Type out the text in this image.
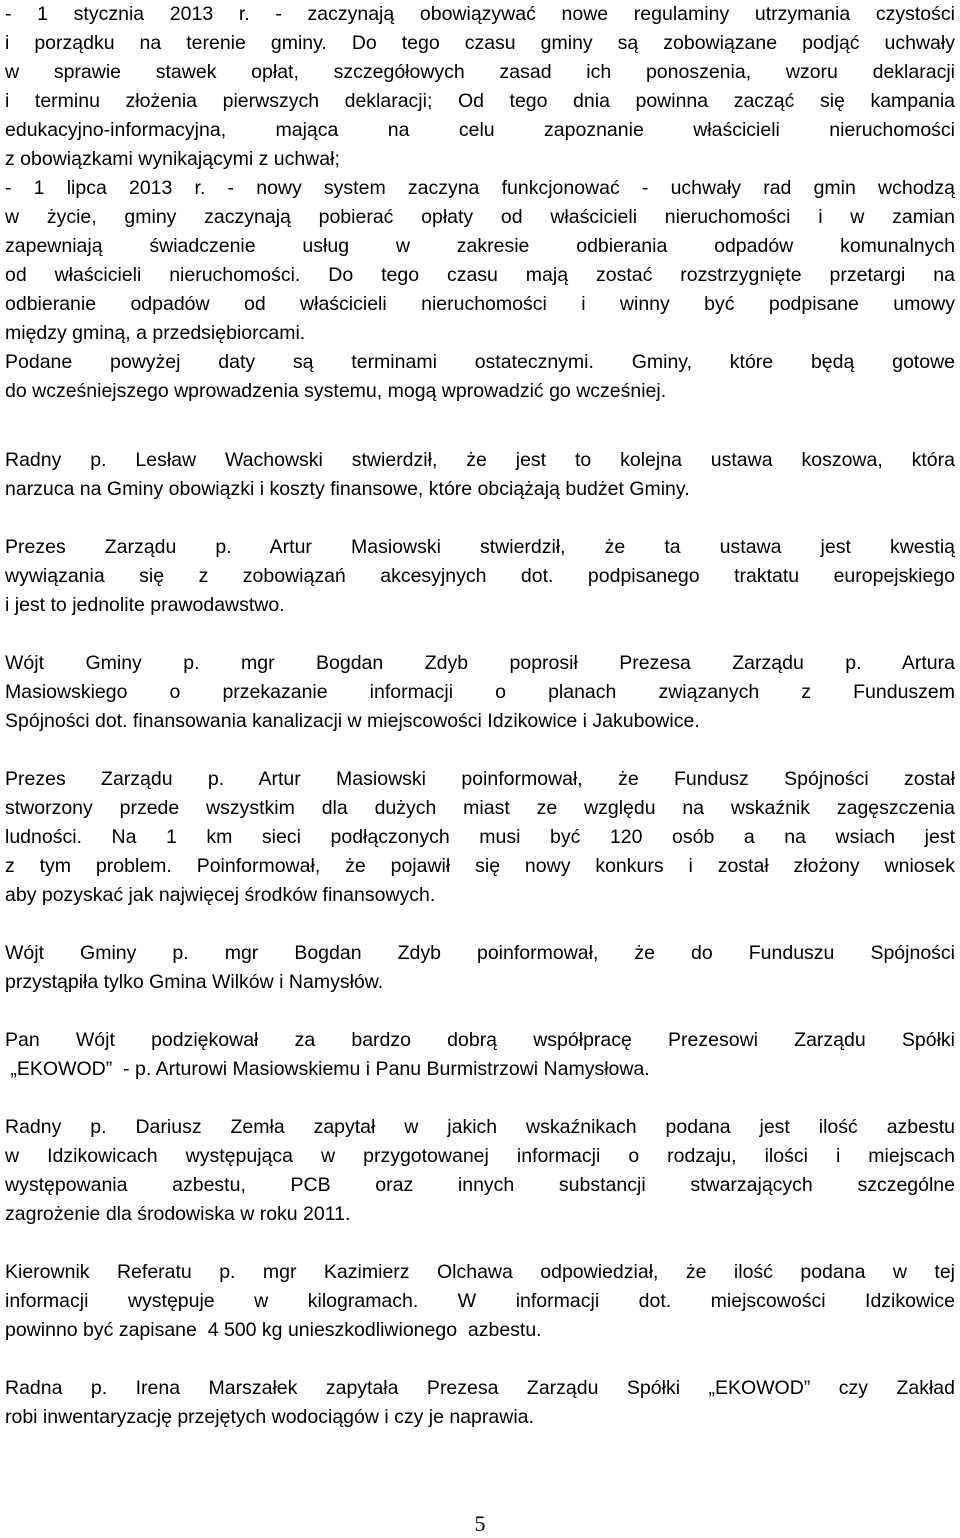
- 1 stycznia 2013 r. - zaczynają obowiązywać nowe regulaminy utrzymania czystości
i porządku na terenie gminy. Do tego czasu gminy są zobowiązane podjąć uchwały
w sprawie stawek opłat, szczegółowych zasad ich ponoszenia, wzoru deklaracji
i terminu złożenia pierwszych deklaracji; Od tego dnia powinna zacząć się kampania
edukacyjno-informacyjna, mająca na celu zapoznanie właścicieli nieruchomości
z obowiązkami wynikającymi z uchwał;
- 1 lipca 2013 r. - nowy system zaczyna funkcjonować - uchwały rad gmin wchodzą
w życie, gminy zaczynają pobierać opłaty od właścicieli nieruchomości i w zamian
zapewniają świadczenie usług w zakresie odbierania odpadów komunalnych
od właścicieli nieruchomości. Do tego czasu mają zostać rozstrzygnięte przetargi na
odbieranie odpadów od właścicieli nieruchomości i winny być podpisane umowy
między gminą, a przedsiębiorcami.
Podane powyżej daty są terminami ostatecznymi. Gminy, które będą gotowe
do wcześniejszego wprowadzenia systemu, mogą wprowadzić go wcześniej.
Radny p. Lesław Wachowski stwierdził, że jest to kolejna ustawa koszowa, która
narzuca na Gminy obowiązki i koszty finansowe, które obciążają budżet Gminy.
Prezes Zarządu p. Artur Masiowski stwierdził, że ta ustawa jest kwestią
wywiązania się z zobowiązań akcesyjnych dot. podpisanego traktatu europejskiego
i jest to jednolite prawodawstwo.
Wójt Gminy p. mgr Bogdan Zdyb poprosił Prezesa Zarządu p. Artura
Masiowskiego o przekazanie informacji o planach związanych z Funduszem
Spójności dot. finansowania kanalizacji w miejscowości Idzikowice i Jakubowice.
Prezes Zarządu p. Artur Masiowski poinformował, że Fundusz Spójności został
stworzony przede wszystkim dla dużych miast ze względu na wskaźnik zagęszczenia
ludności. Na 1 km sieci podłączonych musi być 120 osób a na wsiach jest
z tym problem. Poinformował, że pojawił się nowy konkurs i został złożony wniosek
aby pozyskać jak najwięcej środków finansowych.
Wójt Gminy p. mgr Bogdan Zdyb poinformował, że do Funduszu Spójności
przystąpiła tylko Gmina Wilków i Namysłów.
Pan Wójt podziękował za bardzo dobrą współpracę Prezesowi Zarządu Spółki
„EKOWOD”  - p. Arturowi Masiowskiemu i Panu Burmistrzowi Namysłowa.
Radny p. Dariusz Zemła zapytał w jakich wskaźnikach podana jest ilość azbestu
w Idzikowicach występująca w przygotowanej informacji o rodzaju, ilości i miejscach
występowania azbestu, PCB oraz innych substancji stwarzających szczególne
zagrożenie dla środowiska w roku 2011.
Kierownik Referatu p. mgr Kazimierz Olchawa odpowiedział, że ilość podana w tej
informacji występuje w kilogramach. W informacji dot. miejscowości Idzikowice
powinno być zapisane  4 500 kg unieszkodliwionego  azbestu.
Radna p. Irena Marszałek zapytała Prezesa Zarządu Spółki „EKOWOD” czy Zakład
robi inwentaryzację przejętych wodociągów i czy je naprawia.
5
